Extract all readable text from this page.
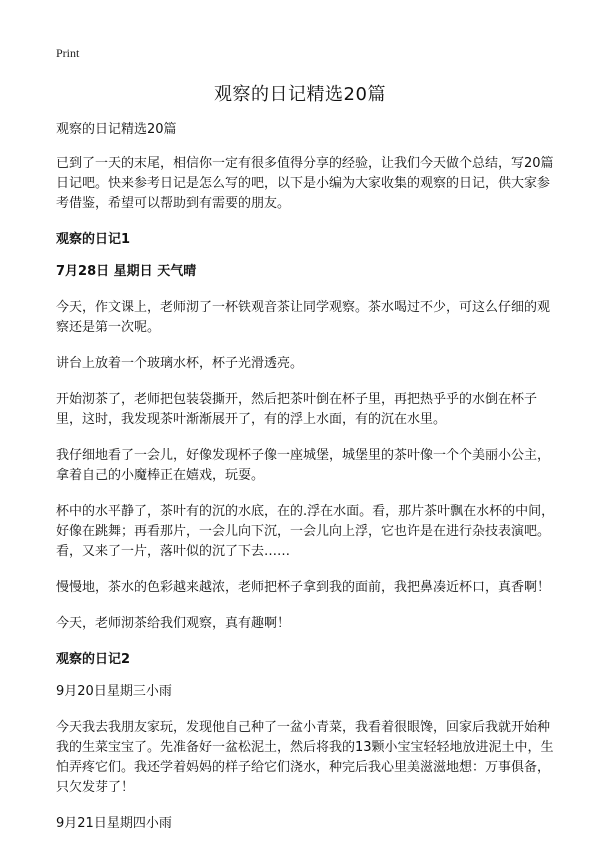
Print
观察的日记精选20篇

观察的日记精选20篇

已到了一天的末尾，相信你一定有很多值得分享的经验，让我们今天做个总结，写20篇日记吧。快来参考日记是怎么写的吧，以下是小编为大家收集的观察的日记，供大家参考借鉴，希望可以帮助到有需要的朋友。

观察的日记1

7月28日 星期日 天气晴

今天，作文课上，老师沏了一杯铁观音茶让同学观察。茶水喝过不少，可这么仔细的观察还是第一次呢。

讲台上放着一个玻璃水杯，杯子光滑透亮。

开始沏茶了，老师把包装袋撕开，然后把茶叶倒在杯子里，再把热乎乎的水倒在杯子里，这时，我发现茶叶渐渐展开了，有的浮上水面，有的沉在水里。

我仔细地看了一会儿，好像发现杯子像一座城堡，城堡里的茶叶像一个个美丽小公主，拿着自己的小魔棒正在嬉戏，玩耍。

杯中的水平静了，茶叶有的沉的水底，在的.浮在水面。看，那片茶叶飘在水杯的中间，好像在跳舞；再看那片，一会儿向下沉，一会儿向上浮，它也许是在进行杂技表演吧。看，又来了一片，落叶似的沉了下去……

慢慢地，茶水的色彩越来越浓，老师把杯子拿到我的面前，我把鼻凑近杯口，真香啊！

今天，老师沏茶给我们观察，真有趣啊！

观察的日记2

9月20日星期三小雨

今天我去我朋友家玩，发现他自己种了一盆小青菜，我看着很眼馋，回家后我就开始种我的生菜宝宝了。先准备好一盆松泥土，然后将我的13颗小宝宝轻轻地放进泥土中，生怕弄疼它们。我还学着妈妈的样子给它们浇水，种完后我心里美滋滋地想：万事俱备，只欠发芽了！

9月21日星期四小雨
